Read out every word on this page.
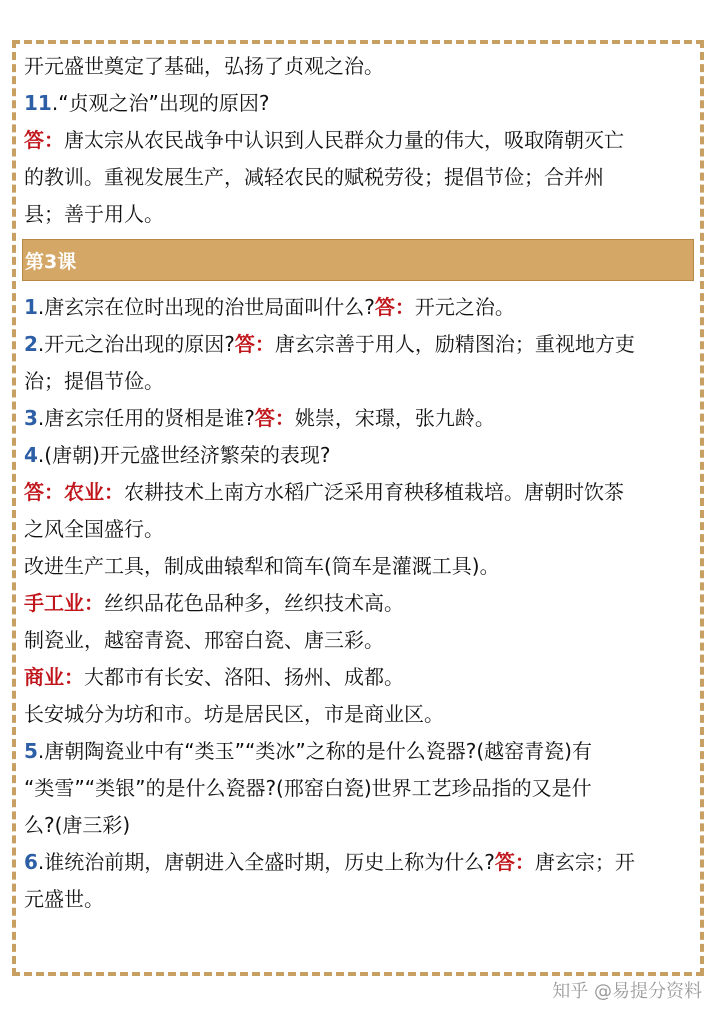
开元盛世奠定了基础，弘扬了贞观之治。

11.“贞观之治”出现的原因?

答：唐太宗从农民战争中认识到人民群众力量的伟大，吸取隋朝灭亡

的教训。重视发展生产，减轻农民的赋税劳役；提倡节俭；合并州

县；善于用人。

第3课

1.唐玄宗在位时出现的治世局面叫什么?答：开元之治。

2.开元之治出现的原因?答：唐玄宗善于用人，励精图治；重视地方吏

治；提倡节俭。

3.唐玄宗任用的贤相是谁?答：姚崇，宋璟，张九龄。

4.(唐朝)开元盛世经济繁荣的表现?

答：农业：农耕技术上南方水稻广泛采用育秧移植栽培。唐朝时饮茶

之风全国盛行。

改进生产工具，制成曲辕犁和筒车(筒车是灌溉工具)。

手工业：丝织品花色品种多，丝织技术高。

制瓷业，越窑青瓷、邢窑白瓷、唐三彩。

商业：大都市有长安、洛阳、扬州、成都。

长安城分为坊和市。坊是居民区，市是商业区。

5.唐朝陶瓷业中有“类玉”“类冰”之称的是什么瓷器?(越窑青瓷)有

“类雪”“类银”的是什么瓷器?(邢窑白瓷)世界工艺珍品指的又是什

么?(唐三彩)

6.谁统治前期，唐朝进入全盛时期，历史上称为什么?答：唐玄宗；开

元盛世。

知乎 @易提分资料
